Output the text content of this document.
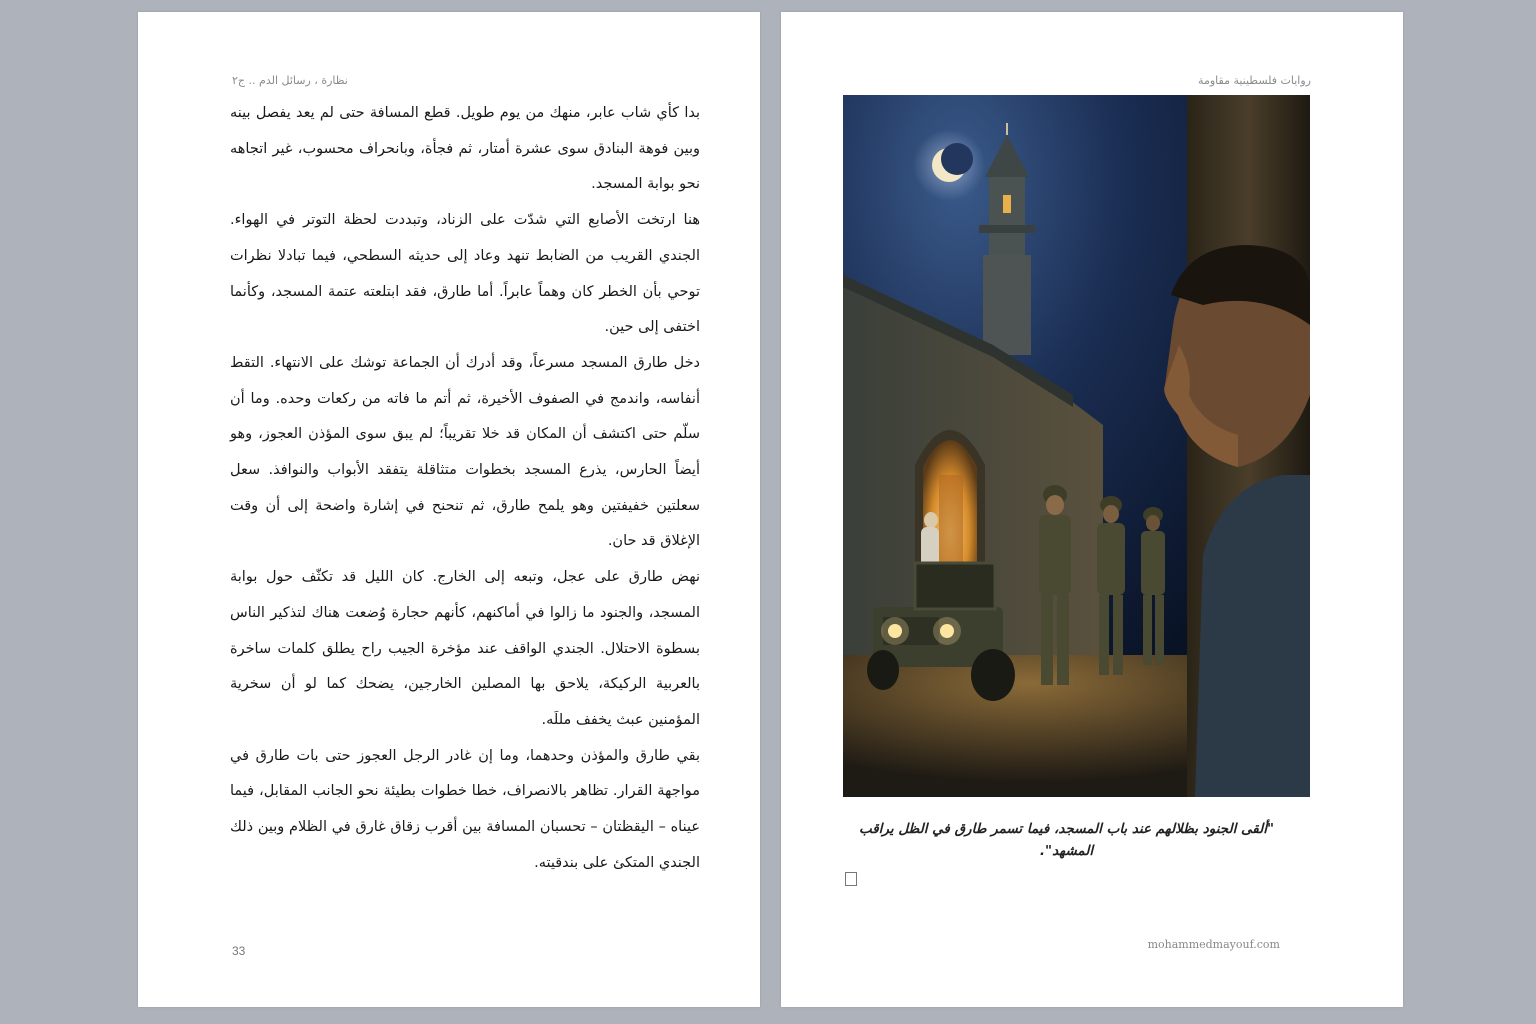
نظارة ، رسائل الدم .. ج٢

بدا كأي شاب عابر، منهك من يوم طويل. قطع المسافة حتى لم يعد يفصل بينه وبين فوهة البنادق سوى عشرة أمتار، ثم فجأة، وبانحراف محسوب، غير اتجاهه نحو بوابة المسجد.

هنا ارتخت الأصابع التي شدّت على الزناد، وتبددت لحظة التوتر في الهواء. الجندي القريب من الضابط تنهد وعاد إلى حديثه السطحي، فيما تبادلا نظرات توحي بأن الخطر كان وهماً عابراً. أما طارق، فقد ابتلعته عتمة المسجد، وكأنما اختفى إلى حين.

دخل طارق المسجد مسرعاً، وقد أدرك أن الجماعة توشك على الانتهاء. التقط أنفاسه، واندمج في الصفوف الأخيرة، ثم أتم ما فاته من ركعات وحده. وما أن سلّم حتى اكتشف أن المكان قد خلا تقريباً؛ لم يبق سوى المؤذن العجوز، وهو أيضاً الحارس، يذرع المسجد بخطوات متثاقلة يتفقد الأبواب والنوافذ. سعل سعلتين خفيفتين وهو يلمح طارق، ثم تنحنح في إشارة واضحة إلى أن وقت الإغلاق قد حان.

نهض طارق على عجل، وتبعه إلى الخارج. كان الليل قد تكثّف حول بوابة المسجد، والجنود ما زالوا في أماكنهم، كأنهم حجارة وُضعت هناك لتذكير الناس بسطوة الاحتلال. الجندي الواقف عند مؤخرة الجيب راح يطلق كلمات ساخرة بالعربية الركيكة، يلاحق بها المصلين الخارجين، يضحك كما لو أن سخرية المؤمنين عبث يخفف مللَه.

بقي طارق والمؤذن وحدهما، وما إن غادر الرجل العجوز حتى بات طارق في مواجهة القرار. تظاهر بالانصراف، خطا خطوات بطيئة نحو الجانب المقابل، فيما عيناه – اليقظتان – تحسبان المسافة بين أقرب زقاق غارق في الظلام وبين ذلك الجندي المتكئ على بندقيته.

33
روايات فلسطينية مقاومة
"ألقى الجنود بظلالهم عند باب المسجد، فيما تسمر طارق في الظل يراقب المشهد".
mohammedmayouf.com
